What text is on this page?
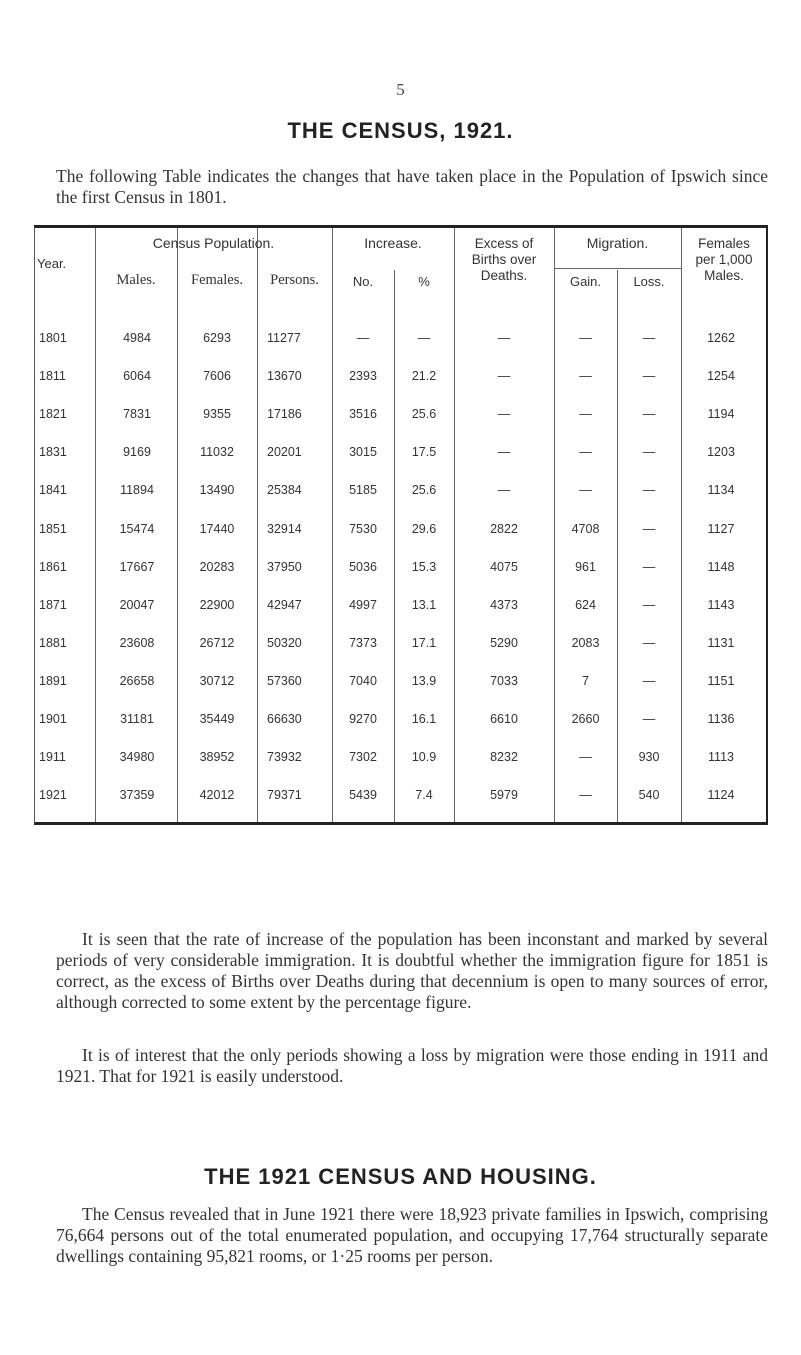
5
THE CENSUS, 1921.
The following Table indicates the changes that have taken place in the Population of Ipswich since the first Census in 1801.
Year.
Census Population.
Males.	Females.	Persons.
Increase.
No.	%
Excess of Births over Deaths.
Migration.
Gain.	Loss.
Females per 1,000 Males.
1801	4984	6293	11277	—	—	—	—	—	1262
1811	6064	7606	13670	2393	21.2	—	—	—	1254
1821	7831	9355	17186	3516	25.6	—	—	—	1194
1831	9169	11032	20201	3015	17.5	—	—	—	1203
1841	11894	13490	25384	5185	25.6	—	—	—	1134
1851	15474	17440	32914	7530	29.6	2822	4708	—	1127
1861	17667	20283	37950	5036	15.3	4075	961	—	1148
1871	20047	22900	42947	4997	13.1	4373	624	—	1143
1881	23608	26712	50320	7373	17.1	5290	2083	—	1131
1891	26658	30712	57360	7040	13.9	7033	7	—	1151
1901	31181	35449	66630	9270	16.1	6610	2660	—	1136
1911	34980	38952	73932	7302	10.9	8232	—	930	1113
1921	37359	42012	79371	5439	7.4	5979	—	540	1124
It is seen that the rate of increase of the population has been inconstant and marked by several periods of very considerable immigration. It is doubtful whether the immigration figure for 1851 is correct, as the excess of Births over Deaths during that decennium is open to many sources of error, although corrected to some extent by the percentage figure.
It is of interest that the only periods showing a loss by migration were those ending in 1911 and 1921. That for 1921 is easily understood.
THE 1921 CENSUS AND HOUSING.
The Census revealed that in June 1921 there were 18,923 private families in Ipswich, comprising 76,664 persons out of the total enumerated population, and occupying 17,764 structurally separate dwellings containing 95,821 rooms, or 1·25 rooms per person.
